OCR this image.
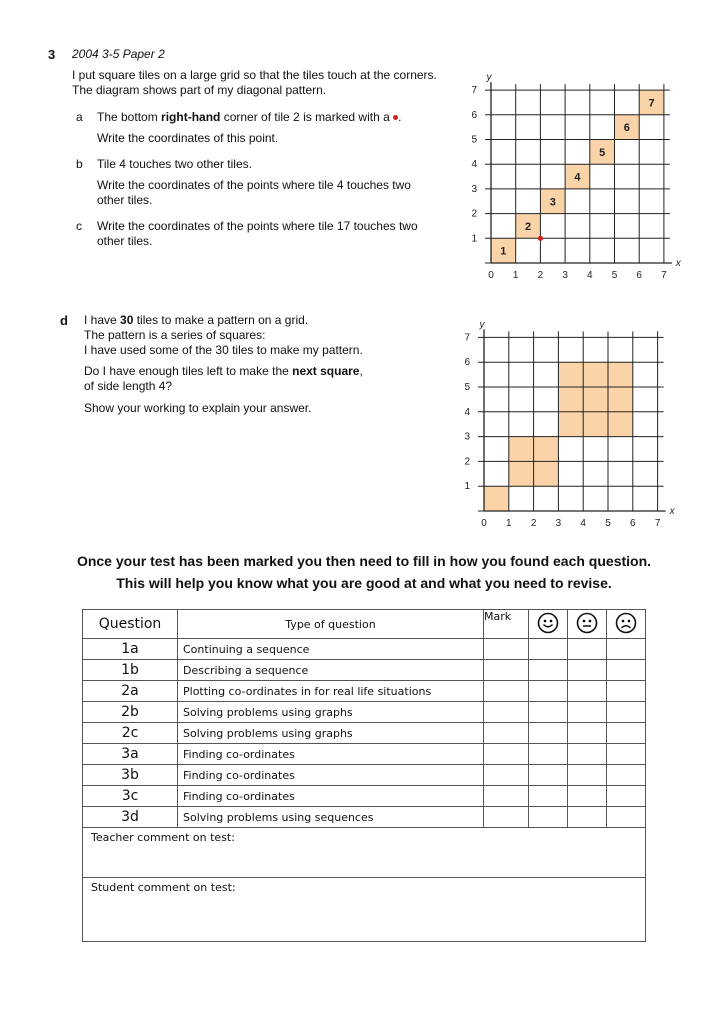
3 2004 3-5 Paper 2
I put square tiles on a large grid so that the tiles touch at the corners.
The diagram shows part of my diagonal pattern.
a The bottom right-hand corner of tile 2 is marked with a .
Write the coordinates of this point.
b Tile 4 touches two other tiles.
Write the coordinates of the points where tile 4 touches two
other tiles.
c Write the coordinates of the points where tile 17 touches two
other tiles.
d I have 30 tiles to make a pattern on a grid.
The pattern is a series of squares:
I have used some of the 30 tiles to make my pattern.
Do I have enough tiles left to make the next square,
of side length 4?
Show your working to explain your answer.
0 1 2 3 4 5 6 7
1
2
3
4
5
6
7
x
y
1
2
3
4
5
6
7
0 1 2 3 4 5 6 7
1
2
3
4
5
6
7
x
y
Once your test has been marked you then need to fill in how you found each question.
This will help you know what you are good at and what you need to revise.
Question	Type of question	Mark			
1a	Continuing a sequence				
1b	Describing a sequence				
2a	Plotting co-ordinates in for real life situations				
2b	Solving problems using graphs				
2c	Solving problems using graphs				
3a	Finding co-ordinates				
3b	Finding co-ordinates				
3c	Finding co-ordinates				
3d	Solving problems using sequences				
Teacher comment on test:					
Student comment on test:					
